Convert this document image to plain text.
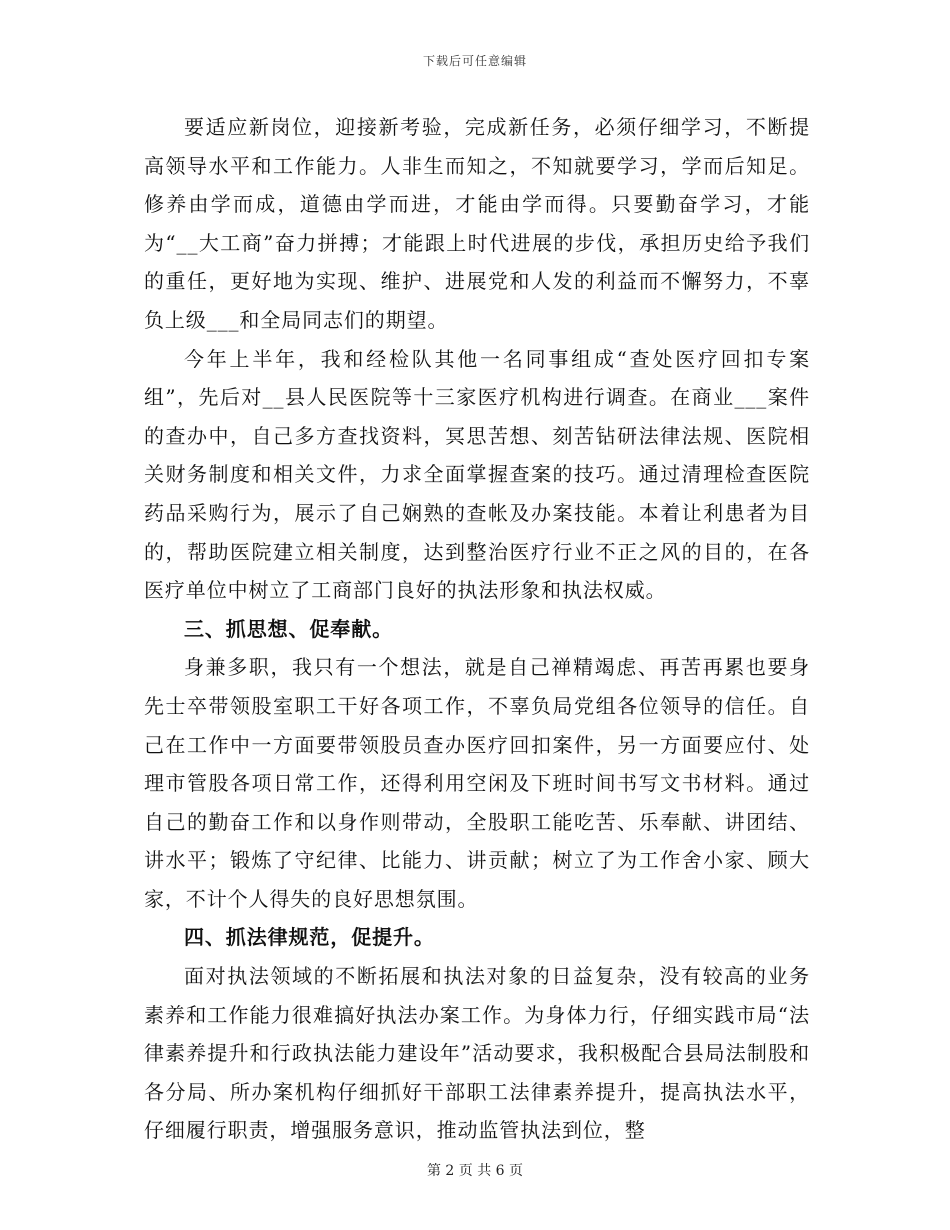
下载后可任意编辑

要适应新岗位，迎接新考验，完成新任务，必须仔细学习，不断提高领导水平和工作能力。人非生而知之，不知就要学习，学而后知足。修养由学而成，道德由学而进，才能由学而得。只要勤奋学习，才能为“__大工商”奋力拼搏；才能跟上时代进展的步伐，承担历史给予我们的重任，更好地为实现、维护、进展党和人发的利益而不懈努力，不辜负上级___和全局同志们的期望。

今年上半年，我和经检队其他一名同事组成“查处医疗回扣专案组”，先后对__县人民医院等十三家医疗机构进行调查。在商业___案件的查办中，自己多方查找资料，冥思苦想、刻苦钻研法律法规、医院相关财务制度和相关文件，力求全面掌握查案的技巧。通过清理检查医院药品采购行为，展示了自己娴熟的查帐及办案技能。本着让利患者为目的，帮助医院建立相关制度，达到整治医疗行业不正之风的目的，在各医疗单位中树立了工商部门良好的执法形象和执法权威。

三、抓思想、促奉献。

身兼多职，我只有一个想法，就是自己禅精竭虑、再苦再累也要身先士卒带领股室职工干好各项工作，不辜负局党组各位领导的信任。自己在工作中一方面要带领股员查办医疗回扣案件，另一方面要应付、处理市管股各项日常工作，还得利用空闲及下班时间书写文书材料。通过自己的勤奋工作和以身作则带动，全股职工能吃苦、乐奉献、讲团结、讲水平；锻炼了守纪律、比能力、讲贡献；树立了为工作舍小家、顾大家，不计个人得失的良好思想氛围。

四、抓法律规范，促提升。

面对执法领域的不断拓展和执法对象的日益复杂，没有较高的业务素养和工作能力很难搞好执法办案工作。为身体力行，仔细实践市局“法律素养提升和行政执法能力建设年”活动要求，我积极配合县局法制股和各分局、所办案机构仔细抓好干部职工法律素养提升，提高执法水平，仔细履行职责，增强服务意识，推动监管执法到位，整

第 2 页 共 6 页
